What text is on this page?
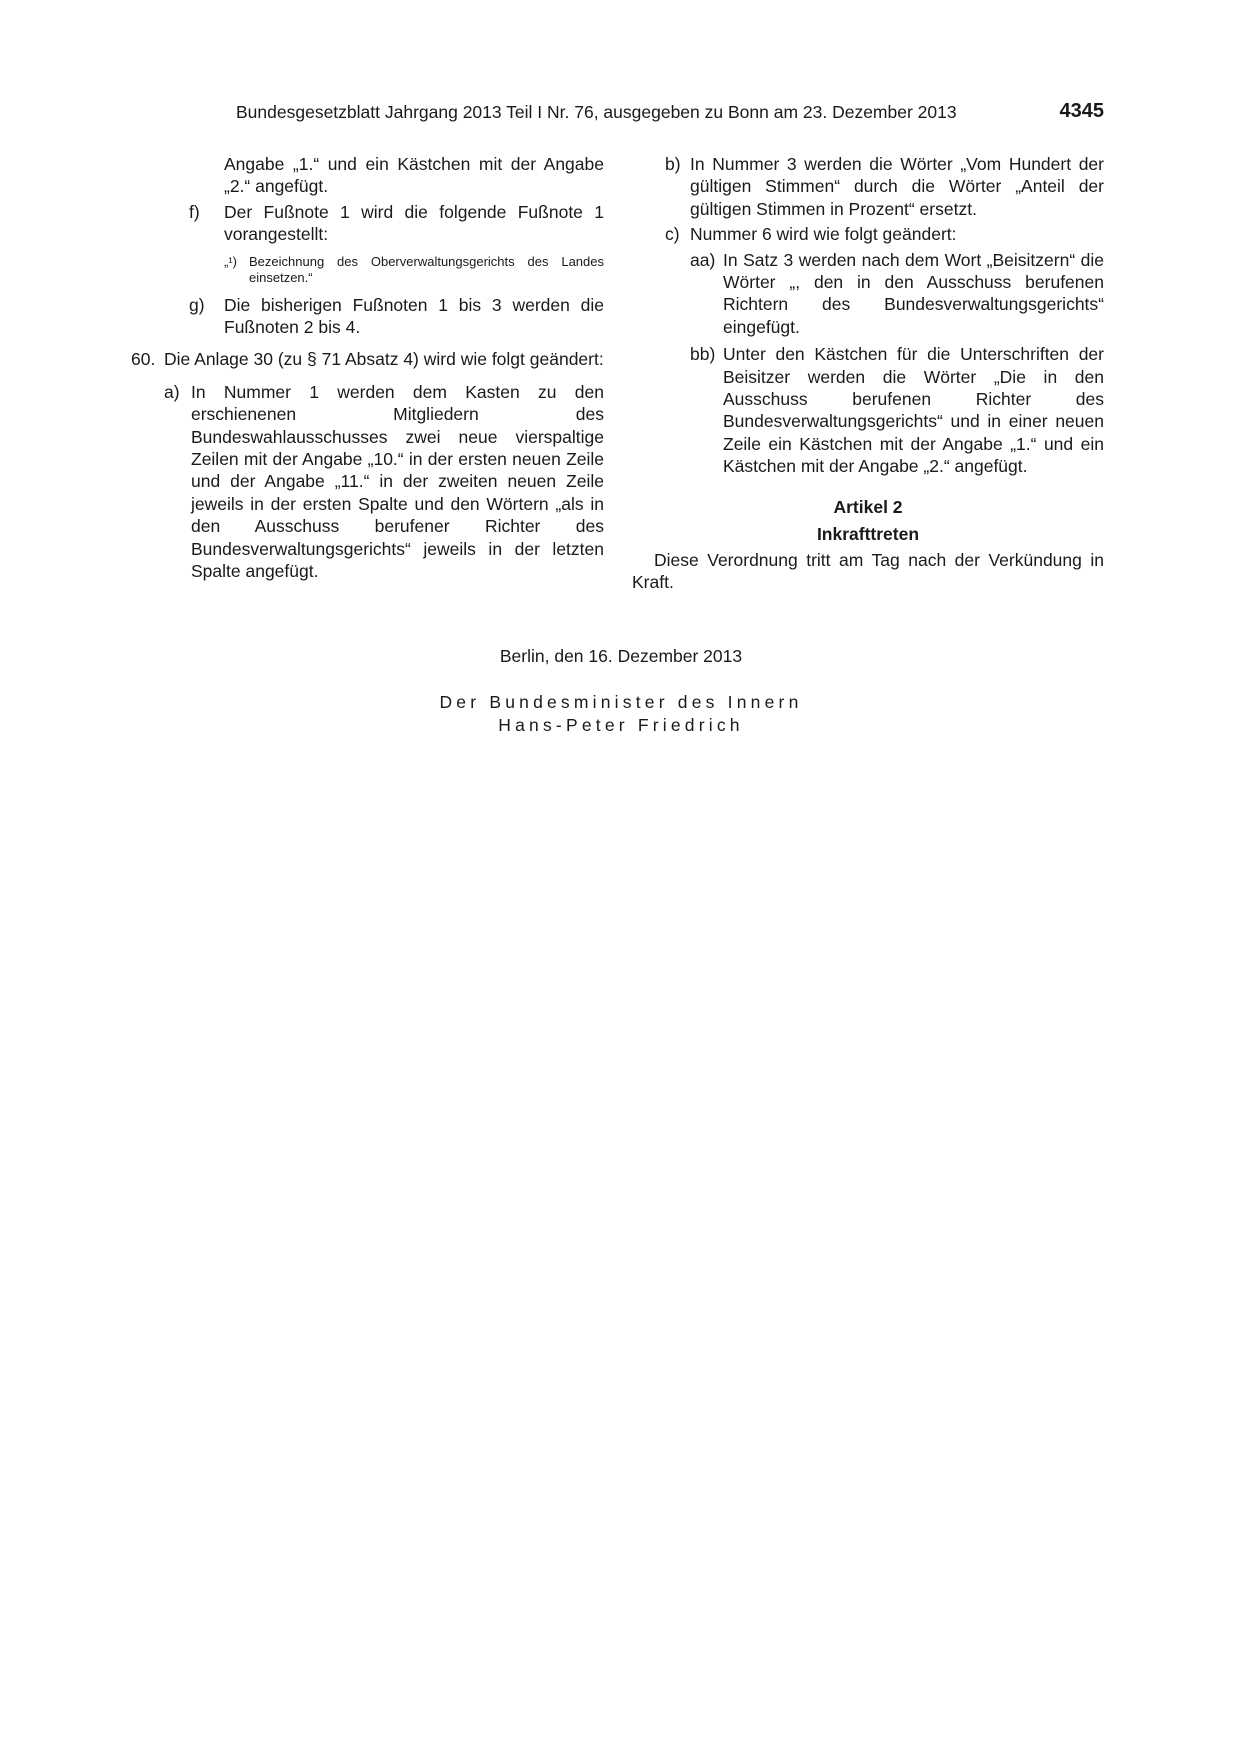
Bundesgesetzblatt Jahrgang 2013 Teil I Nr. 76, ausgegeben zu Bonn am 23. Dezember 2013	4345
Angabe „1.“ und ein Kästchen mit der Angabe „2.“ angefügt.
f) Der Fußnote 1 wird die folgende Fußnote 1 vorangestellt:
„¹) Bezeichnung des Oberverwaltungsgerichts des Landes einsetzen.“
g) Die bisherigen Fußnoten 1 bis 3 werden die Fußnoten 2 bis 4.
60. Die Anlage 30 (zu § 71 Absatz 4) wird wie folgt geändert:
a) In Nummer 1 werden dem Kasten zu den erschienenen Mitgliedern des Bundeswahlausschusses zwei neue vierspaltige Zeilen mit der Angabe „10.“ in der ersten neuen Zeile und der Angabe „11.“ in der zweiten neuen Zeile jeweils in der ersten Spalte und den Wörtern „als in den Ausschuss berufener Richter des Bundesverwaltungsgerichts“ jeweils in der letzten Spalte angefügt.
b) In Nummer 3 werden die Wörter „Vom Hundert der gültigen Stimmen“ durch die Wörter „Anteil der gültigen Stimmen in Prozent“ ersetzt.
c) Nummer 6 wird wie folgt geändert:
aa) In Satz 3 werden nach dem Wort „Beisitzern“ die Wörter „, den in den Ausschuss berufenen Richtern des Bundesverwaltungsgerichts“ eingefügt.
bb) Unter den Kästchen für die Unterschriften der Beisitzer werden die Wörter „Die in den Ausschuss berufenen Richter des Bundesverwaltungsgerichts“ und in einer neuen Zeile ein Kästchen mit der Angabe „1.“ und ein Kästchen mit der Angabe „2.“ angefügt.
Artikel 2
Inkrafttreten
Diese Verordnung tritt am Tag nach der Verkündung in Kraft.
Berlin, den 16. Dezember 2013
Der Bundesminister des Innern
Hans-Peter Friedrich
